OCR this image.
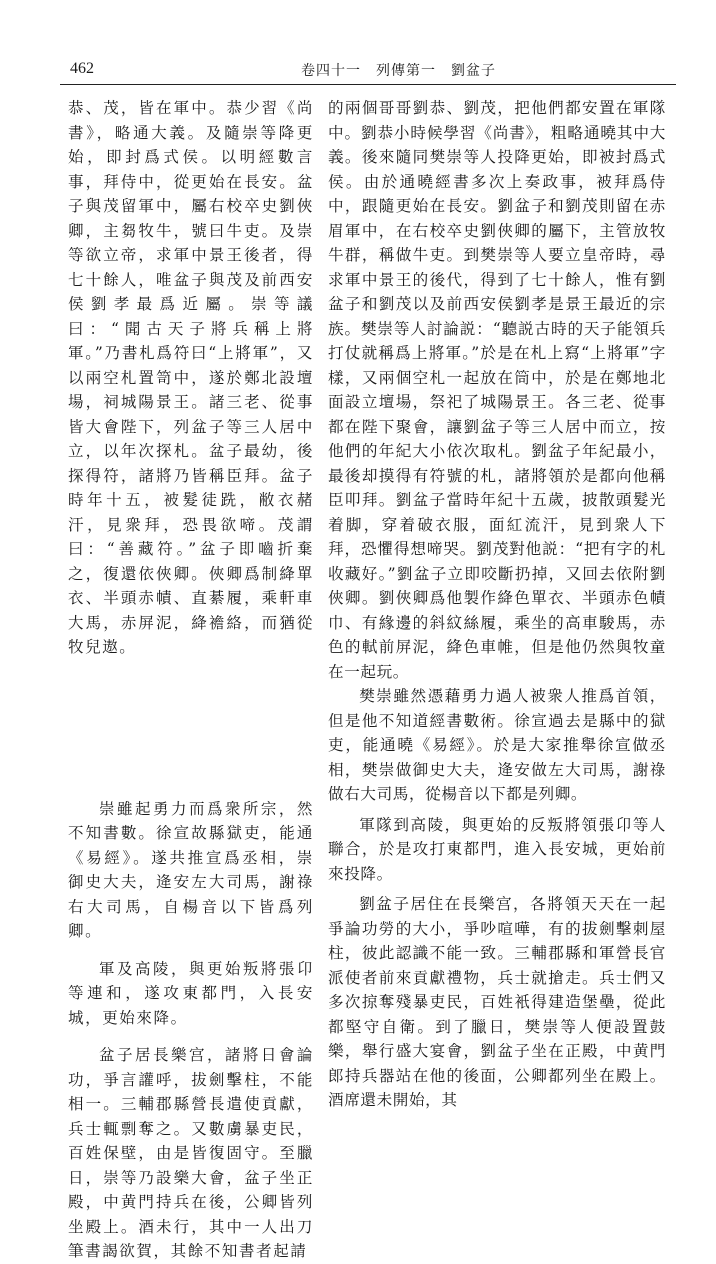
462	卷四十一　列傳第一　劉盆子

恭、茂，皆在軍中。恭少習《尚書》，略通大義。及隨崇等降更始，即封爲式侯。以明經數言事，拜侍中，從更始在長安。盆子與茂留軍中，屬右校卒史劉俠卿，主芻牧牛，號曰牛吏。及崇等欲立帝，求軍中景王後者，得七十餘人，唯盆子與茂及前西安侯劉孝最爲近屬。崇等議曰：“聞古天子將兵稱上將軍。”乃書札爲符曰“上將軍”，又以兩空札置笥中，遂於鄭北設壇場，祠城陽景王。諸三老、從事皆大會陛下，列盆子等三人居中立，以年次探札。盆子最幼，後探得符，諸將乃皆稱臣拜。盆子時年十五，被髮徒跣，敝衣赭汗，見衆拜，恐畏欲啼。茂謂曰：“善藏符。”盆子即嚙折棄之，復還依俠卿。俠卿爲制絳單衣、半頭赤幘、直綦履，乘軒車大馬，赤屏泥，絳襜絡，而猶從牧兒遨。

崇雖起勇力而爲衆所宗，然不知書數。徐宣故縣獄吏，能通《易經》。遂共推宣爲丞相，崇御史大夫，逄安左大司馬，謝祿右大司馬，自楊音以下皆爲列卿。

軍及高陵，與更始叛將張卬等連和，遂攻東都門，入長安城，更始來降。

盆子居長樂宫，諸將日會論功，爭言讙呼，拔劍擊柱，不能相一。三輔郡縣營長遣使貢獻，兵士輒剽奪之。又數虜暴吏民，百姓保壁，由是皆復固守。至臘日，崇等乃設樂大會，盆子坐正殿，中黄門持兵在後，公卿皆列坐殿上。酒未行，其中一人出刀筆書謁欲賀，其餘不知書者起請

的兩個哥哥劉恭、劉茂，把他們都安置在軍隊中。劉恭小時候學習《尚書》，粗略通曉其中大義。後來隨同樊崇等人投降更始，即被封爲式侯。由於通曉經書多次上奏政事，被拜爲侍中，跟隨更始在長安。劉盆子和劉茂則留在赤眉軍中，在右校卒史劉俠卿的屬下，主管放牧牛群，稱做牛吏。到樊崇等人要立皇帝時，尋求軍中景王的後代，得到了七十餘人，惟有劉盆子和劉茂以及前西安侯劉孝是景王最近的宗族。樊崇等人討論説：“聽説古時的天子能領兵打仗就稱爲上將軍。”於是在札上寫“上將軍”字樣，又兩個空札一起放在筒中，於是在鄭地北面設立壇場，祭祀了城陽景王。各三老、從事都在陛下聚會，讓劉盆子等三人居中而立，按他們的年紀大小依次取札。劉盆子年紀最小，最後却摸得有符號的札，諸將領於是都向他稱臣叩拜。劉盆子當時年紀十五歲，披散頭髮光着脚，穿着破衣服，面紅流汗，見到衆人下拜，恐懼得想啼哭。劉茂對他説：“把有字的札收藏好。”劉盆子立即咬斷扔掉，又回去依附劉俠卿。劉俠卿爲他製作絳色單衣、半頭赤色幘巾、有緣邊的斜紋絲履，乘坐的高車駿馬，赤色的軾前屏泥，絳色車帷，但是他仍然與牧童在一起玩。

樊崇雖然憑藉勇力過人被衆人推爲首領，但是他不知道經書數術。徐宣過去是縣中的獄吏，能通曉《易經》。於是大家推舉徐宣做丞相，樊崇做御史大夫，逄安做左大司馬，謝祿做右大司馬，從楊音以下都是列卿。

軍隊到高陵，與更始的反叛將領張卬等人聯合，於是攻打東都門，進入長安城，更始前來投降。

劉盆子居住在長樂宫，各將領天天在一起爭論功勞的大小，爭吵喧嘩，有的拔劍擊刺屋柱，彼此認識不能一致。三輔郡縣和軍營長官派使者前來貢獻禮物，兵士就搶走。兵士們又多次掠奪殘暴吏民，百姓衹得建造堡壘，從此都堅守自衛。到了臘日，樊崇等人便設置鼓樂，舉行盛大宴會，劉盆子坐在正殿，中黄門郎持兵器站在他的後面，公卿都列坐在殿上。酒席還未開始，其
